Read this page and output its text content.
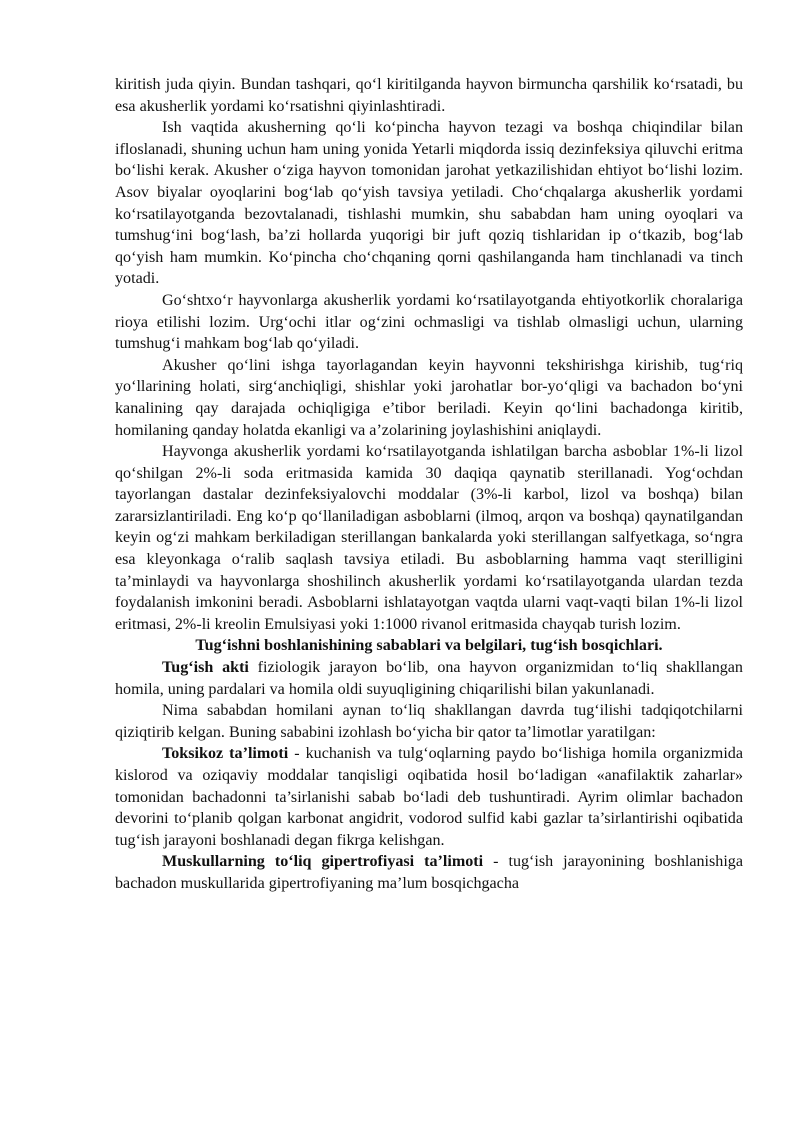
kiritish juda qiyin. Bundan tashqari, qo‘l kiritilganda hayvon birmuncha qarshilik ko‘rsatadi, bu esa akusherlik yordami ko‘rsatishni qiyinlashtiradi.

Ish vaqtida akusherning qo‘li ko‘pincha hayvon tezagi va boshqa chiqindilar bilan ifloslanadi, shuning uchun ham uning yonida Yetarli miqdorda issiq dezinfeksiya qiluvchi eritma bo‘lishi kerak. Akusher o‘ziga hayvon tomonidan jarohat yetkazilishidan ehtiyot bo‘lishi lozim. Asov biyalar oyoqlarini bog‘lab qo‘yish tavsiya yetiladi. Cho‘chqalarga akusherlik yordami ko‘rsatilayotganda bezovtalanadi, tishlashi mumkin, shu sababdan ham uning oyoqlari va tumshug‘ini bog‘lash, ba’zi hollarda yuqorigi bir juft qoziq tishlaridan ip o‘tkazib, bog‘lab qo‘yish ham mumkin. Ko‘pincha cho‘chqaning qorni qashilanganda ham tinchlanadi va tinch yotadi.

Go‘shtxo‘r hayvonlarga akusherlik yordami ko‘rsatilayotganda ehtiyotkorlik choralariga rioya etilishi lozim. Urg‘ochi itlar og‘zini ochmasligi va tishlab olmasligi uchun, ularning tumshug‘i mahkam bog‘lab qo‘yiladi.

Akusher qo‘lini ishga tayorlagandan keyin hayvonni tekshirishga kirishib, tug‘riq yo‘llarining holati, sirg‘anchiqligi, shishlar yoki jarohatlar bor-yo‘qligi va bachadon bo‘yni kanalining qay darajada ochiqligiga e’tibor beriladi. Keyin qo‘lini bachadonga kiritib, homilaning qanday holatda ekanligi va a’zolarining joylashishini aniqlaydi.

Hayvonga akusherlik yordami ko‘rsatilayotganda ishlatilgan barcha asboblar 1%-li lizol qo‘shilgan 2%-li soda eritmasida kamida 30 daqiqa qaynatib sterillanadi. Yog‘ochdan tayorlangan dastalar dezinfeksiyalovchi moddalar (3%-li karbol, lizol va boshqa) bilan zararsizlantiriladi. Eng ko‘p qo‘llaniladigan asboblarni (ilmoq, arqon va boshqa) qaynatilgandan keyin og‘zi mahkam berkiladigan sterillangan bankalarda yoki sterillangan salfyetkaga, so‘ngra esa kleyonkaga o‘ralib saqlash tavsiya etiladi. Bu asboblarning hamma vaqt sterilligini ta’minlaydi va hayvonlarga shoshilinch akusherlik yordami ko‘rsatilayotganda ulardan tezda foydalanish imkonini beradi. Asboblarni ishlatayotgan vaqtda ularni vaqt-vaqti bilan 1%-li lizol eritmasi, 2%-li kreolin Emulsiyasi yoki 1:1000 rivanol eritmasida chayqab turish lozim.

Tug‘ishni boshlanishining sabablari va belgilari, tug‘ish bosqichlari.

Tug‘ish akti fiziologik jarayon bo‘lib, ona hayvon organizmidan to‘liq shakllangan homila, uning pardalari va homila oldi suyuqligining chiqarilishi bilan yakunlanadi.

Nima sababdan homilani aynan to‘liq shakllangan davrda tug‘ilishi tadqiqotchilarni qiziqtirib kelgan. Buning sababini izohlash bo‘yicha bir qator ta’limotlar yaratilgan:

Toksikoz ta’limoti - kuchanish va tulg‘oqlarning paydo bo‘lishiga homila organizmida kislorod va oziqaviy moddalar tanqisligi oqibatida hosil bo‘ladigan «anafilaktik zaharlar» tomonidan bachadonni ta’sirlanishi sabab bo‘ladi deb tushuntiradi. Ayrim olimlar bachadon devorini to‘planib qolgan karbonat angidrit, vodorod sulfid kabi gazlar ta’sirlantirishi oqibatida tug‘ish jarayoni boshlanadi degan fikrga kelishgan.

Muskullarning to‘liq gipertrofiyasi ta’limoti - tug‘ish jarayonining boshlanishiga bachadon muskullarida gipertrofiyaning ma’lum bosqichgacha
